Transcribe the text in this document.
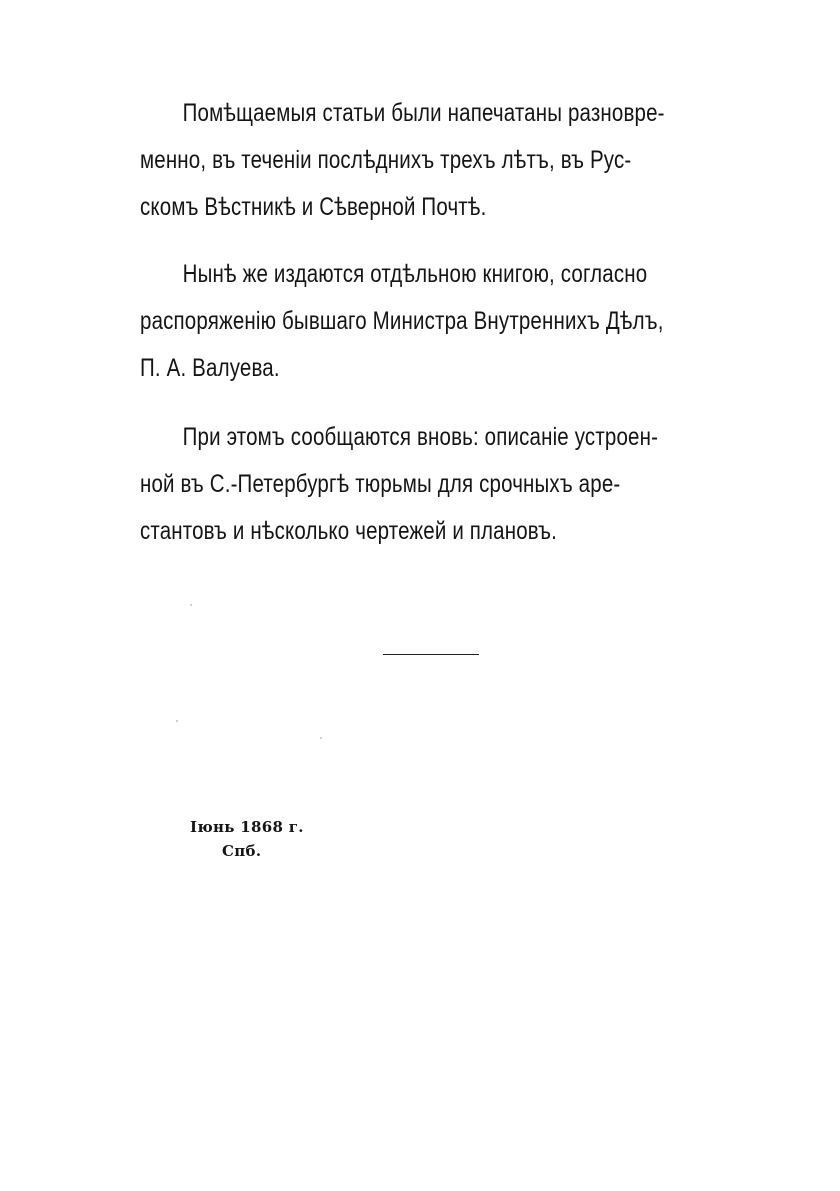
Помѣщаемыя статьи были напечатаны разновре-
менно, въ теченіи послѣднихъ трехъ лѣтъ, въ Рус-
скомъ Вѣстникѣ и Сѣверной Почтѣ.
Нынѣ же издаются отдѣльною книгою, согласно
распоряженію бывшаго Министра Внутреннихъ Дѣлъ,
П. А. Валуева.
При этомъ сообщаются вновь: описаніе устроен-
ной въ С.-Петербургѣ тюрьмы для срочныхъ аре-
стантовъ и нѣсколько чертежей и плановъ.
Іюнь 1868 г.
Спб.
